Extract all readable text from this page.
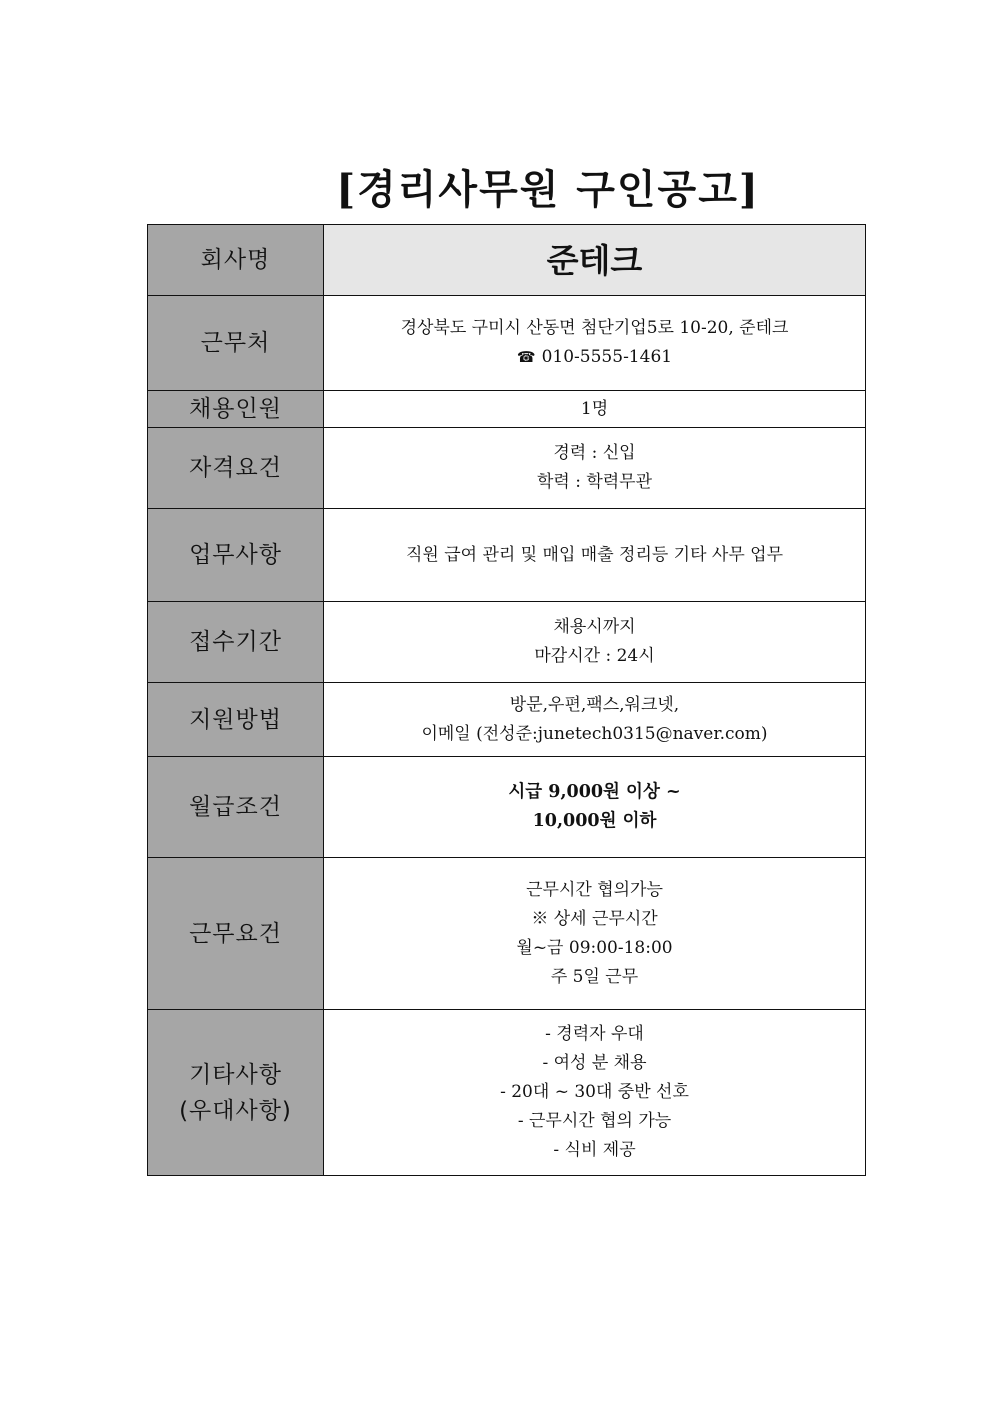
[경리사무원 구인공고]
회사명	준테크
근무처	경상북도 구미시 산동면 첨단기업5로 10-20, 준테크
☎ 010-5555-1461

채용인원	1명
자격요건	경력 : 신입
학력 : 학력무관

업무사항	직원 급여 관리 및 매입 매출 정리등 기타 사무 업무
접수기간	채용시까지
마감시간 : 24시

지원방법	방문,우편,팩스,워크넷,
이메일 (전성준:junetech0315@naver.com)

월급조건	시급 9,000원 이상 ~
10,000원 이하

근무요건	근무시간 협의가능
※ 상세 근무시간
월~금 09:00-18:00
주 5일 근무

기타사항
(우대사항)	- 경력자 우대
- 여성 분 채용
- 20대 ~ 30대 중반 선호
- 근무시간 협의 가능
- 식비 제공
